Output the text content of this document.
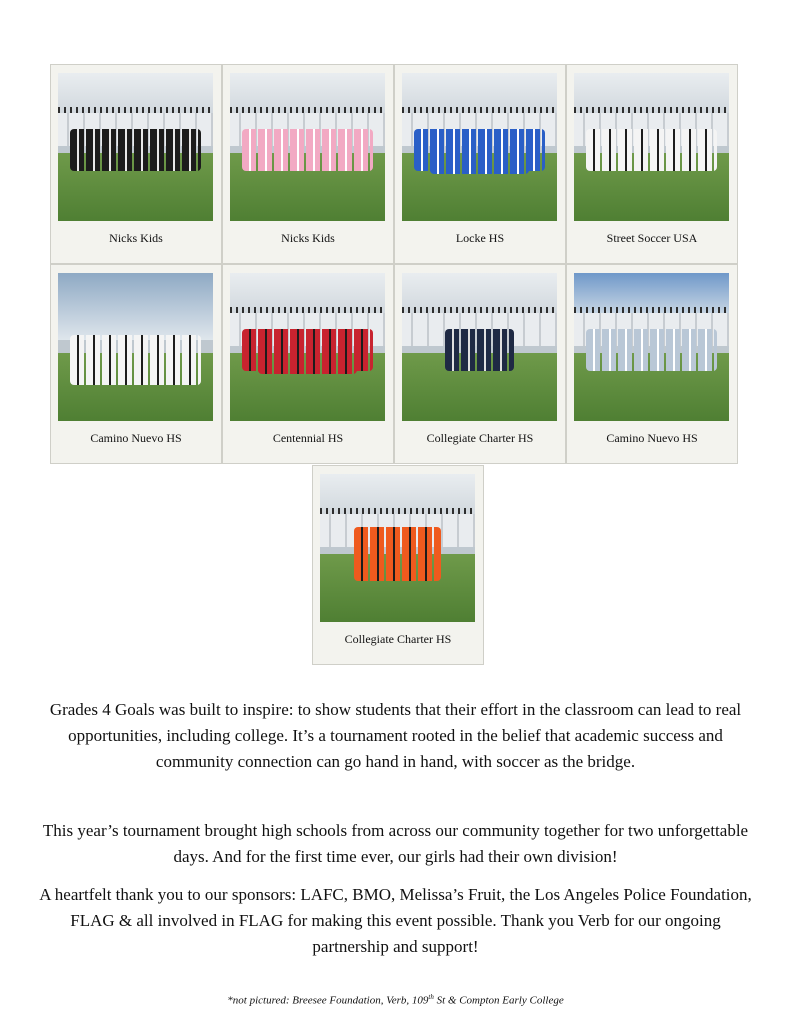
Nicks Kids	Nicks Kids	Locke HS	Street Soccer USA
Camino Nuevo HS	Centennial HS	Collegiate Charter HS	Camino Nuevo HS
Collegiate Charter HS

Grades 4 Goals was built to inspire: to show students that their effort in the classroom can lead to real opportunities, including college. It’s a tournament rooted in the belief that academic success and community connection can go hand in hand, with soccer as the bridge.

This year’s tournament brought high schools from across our community together for two unforgettable days. And for the first time ever, our girls had their own division!

A heartfelt thank you to our sponsors: LAFC, BMO, Melissa’s Fruit, the Los Angeles Police Foundation, FLAG & all involved in FLAG for making this event possible. Thank you Verb for our ongoing partnership and support!

*not pictured: Breesee Foundation, Verb, 109th St & Compton Early College
